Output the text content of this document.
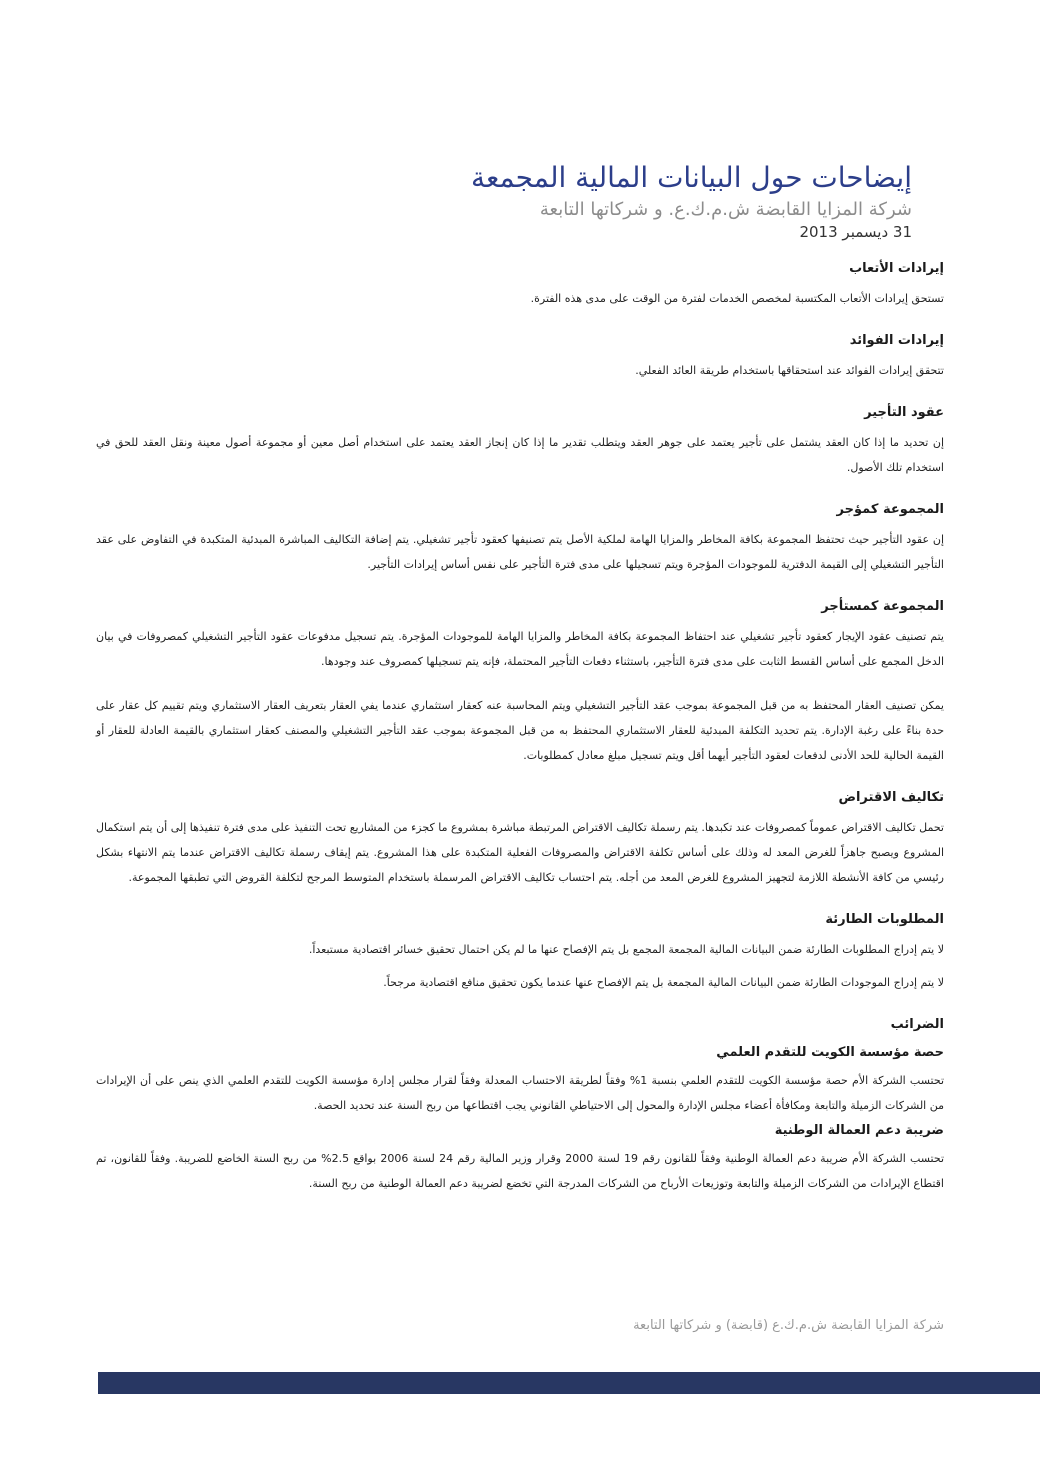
إيضاحات حول البيانات المالية المجمعة
شركة المزايا القابضة ش.م.ك.ع. و شركاتها التابعة
31 ديسمبر 2013
إيرادات الأتعاب
تستحق إيرادات الأتعاب المكتسبة لمخصص الخدمات لفترة من الوقت على مدى هذه الفترة.
إيرادات الفوائد
تتحقق إيرادات الفوائد عند استحقاقها باستخدام طريقة العائد الفعلي.
عقود التأجير
إن تحديد ما إذا كان العقد يشتمل على تأجير يعتمد على جوهر العقد ويتطلب تقدير ما إذا كان إنجاز العقد يعتمد على استخدام أصل معين أو مجموعة أصول معينة ونقل العقد للحق في استخدام تلك الأصول.
المجموعة كمؤجر
إن عقود التأجير حيث تحتفظ المجموعة بكافة المخاطر والمزايا الهامة لملكية الأصل يتم تصنيفها كعقود تأجير تشغيلي. يتم إضافة التكاليف المباشرة المبدئية المتكبدة في التفاوض على عقد التأجير التشغيلي إلى القيمة الدفترية للموجودات المؤجرة ويتم تسجيلها على مدى فترة التأجير على نفس أساس إيرادات التأجير.
المجموعة كمستأجر
يتم تصنيف عقود الإيجار كعقود تأجير تشغيلي عند احتفاظ المجموعة بكافة المخاطر والمزايا الهامة للموجودات المؤجرة. يتم تسجيل مدفوعات عقود التأجير التشغيلي كمصروفات في بيان الدخل المجمع على أساس القسط الثابت على مدى فترة التأجير، باستثناء دفعات التأجير المحتملة، فإنه يتم تسجيلها كمصروف عند وجودها.
يمكن تصنيف العقار المحتفظ به من قبل المجموعة بموجب عقد التأجير التشغيلي ويتم المحاسبة عنه كعقار استثماري عندما يفي العقار بتعريف العقار الاستثماري ويتم تقييم كل عقار على حدة بناءً على رغبة الإدارة. يتم تحديد التكلفة المبدئية للعقار الاستثماري المحتفظ به من قبل المجموعة بموجب عقد التأجير التشغيلي والمصنف كعقار استثماري بالقيمة العادلة للعقار أو القيمة الحالية للحد الأدنى لدفعات لعقود التأجير أيهما أقل ويتم تسجيل مبلغ معادل كمطلوبات.
تكاليف الاقتراض
تحمل تكاليف الاقتراض عموماً كمصروفات عند تكبدها. يتم رسملة تكاليف الاقتراض المرتبطة مباشرة بمشروع ما كجزء من المشاريع تحت التنفيذ على مدى فترة تنفيذها إلى أن يتم استكمال المشروع ويصبح جاهزاً للغرض المعد له وذلك على أساس تكلفة الاقتراض والمصروفات الفعلية المتكبدة على هذا المشروع. يتم إيقاف رسملة تكاليف الاقتراض عندما يتم الانتهاء بشكل رئيسي من كافة الأنشطة اللازمة لتجهيز المشروع للغرض المعد من أجله. يتم احتساب تكاليف الاقتراض المرسملة باستخدام المتوسط المرجح لتكلفة القروض التي تطبقها المجموعة.
المطلوبات الطارئة
لا يتم إدراج المطلوبات الطارئة ضمن البيانات المالية المجمعة المجمع بل يتم الإفصاح عنها ما لم يكن احتمال تحقيق خسائر اقتصادية مستبعداً.
لا يتم إدراج الموجودات الطارئة ضمن البيانات المالية المجمعة بل يتم الإفصاح عنها عندما يكون تحقيق منافع اقتصادية مرجحاً.
الضرائب
حصة مؤسسة الكويت للتقدم العلمي
تحتسب الشركة الأم حصة مؤسسة الكويت للتقدم العلمي بنسبة 1% وفقاً لطريقة الاحتساب المعدلة وفقاً لقرار مجلس إدارة مؤسسة الكويت للتقدم العلمي الذي ينص على أن الإيرادات من الشركات الزميلة والتابعة ومكافأة أعضاء مجلس الإدارة والمحول إلى الاحتياطي القانوني يجب اقتطاعها من ربح السنة عند تحديد الحصة.
ضريبة دعم العمالة الوطنية
تحتسب الشركة الأم ضريبة دعم العمالة الوطنية وفقاً للقانون رقم 19 لسنة 2000 وقرار وزير المالية رقم 24 لسنة 2006 بواقع 2.5% من ربح السنة الخاضع للضريبة. وفقاً للقانون، تم اقتطاع الإيرادات من الشركات الزميلة والتابعة وتوزيعات الأرباح من الشركات المدرجة التي تخضع لضريبة دعم العمالة الوطنية من ربح السنة.
شركة المزايا القابضة ش.م.ك.ع (قابضة) و شركاتها التابعة
